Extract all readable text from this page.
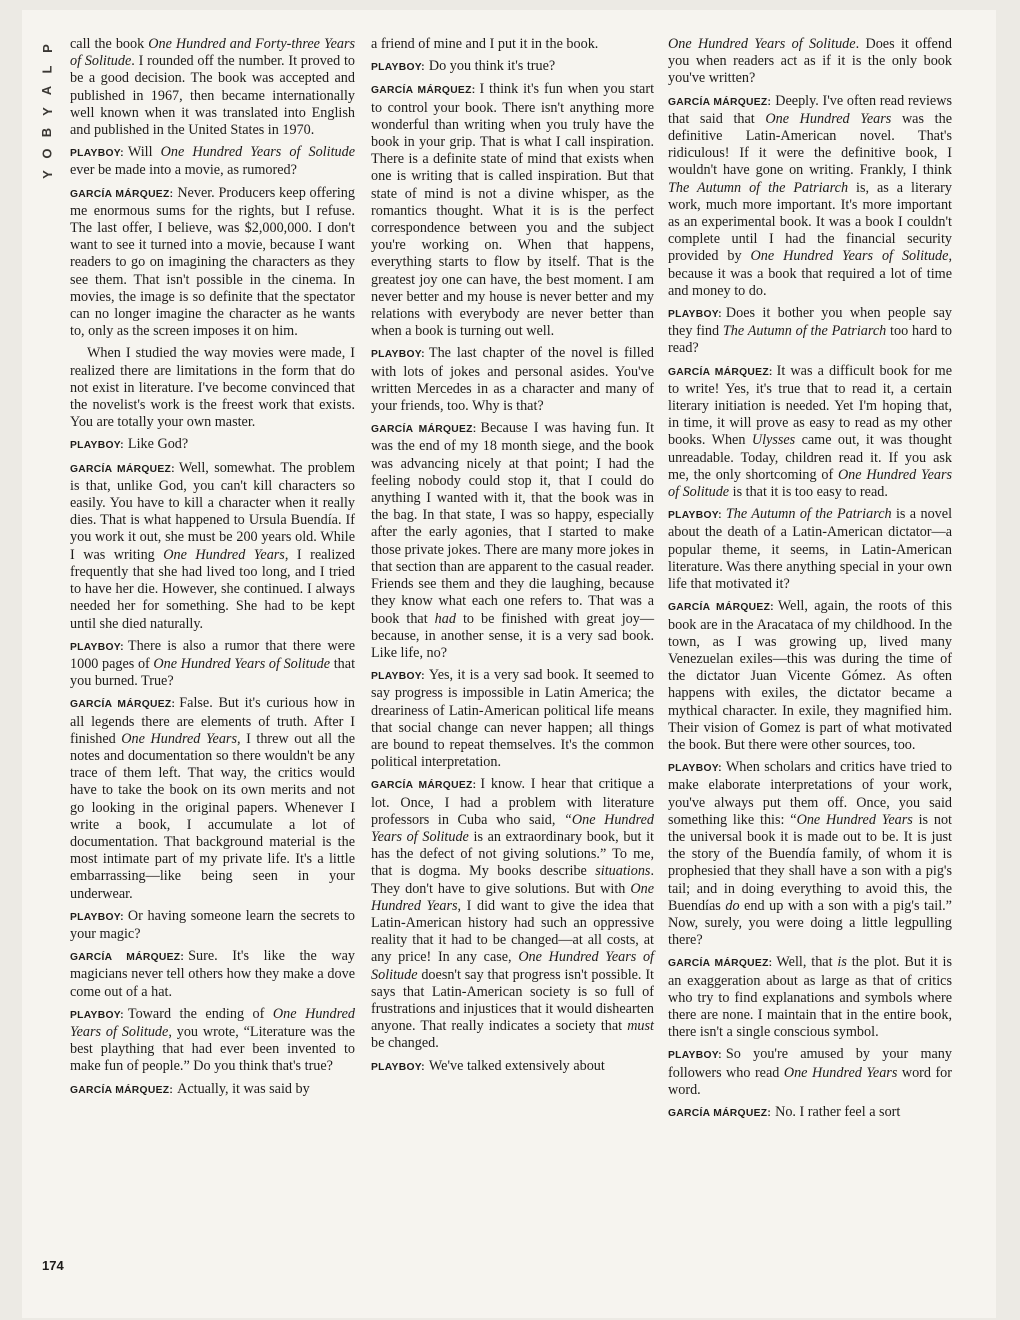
P
L
A
Y
B
O
Y

call the book One Hundred and Forty-three Years of Solitude. I rounded off the number. It proved to be a good decision. The book was accepted and published in 1967, then became internationally well known when it was translated into English and published in the United States in 1970.

PLAYBOY: Will One Hundred Years of Solitude ever be made into a movie, as rumored?

GARCÍA MÁRQUEZ: Never. Producers keep offering me enormous sums for the rights, but I refuse. The last offer, I believe, was $2,000,000. I don't want to see it turned into a movie, because I want readers to go on imagining the characters as they see them. That isn't possible in the cinema. In movies, the image is so definite that the spectator can no longer imagine the character as he wants to, only as the screen imposes it on him.

When I studied the way movies were made, I realized there are limitations in the form that do not exist in literature. I've become convinced that the novelist's work is the freest work that exists. You are totally your own master.

PLAYBOY: Like God?

GARCÍA MÁRQUEZ: Well, somewhat. The problem is that, unlike God, you can't kill characters so easily. You have to kill a character when it really dies. That is what happened to Ursula Buendía. If you work it out, she must be 200 years old. While I was writing One Hundred Years, I realized frequently that she had lived too long, and I tried to have her die. However, she continued. I always needed her for something. She had to be kept until she died naturally.

PLAYBOY: There is also a rumor that there were 1000 pages of One Hundred Years of Solitude that you burned. True?

GARCÍA MÁRQUEZ: False. But it's curious how in all legends there are elements of truth. After I finished One Hundred Years, I threw out all the notes and documentation so there wouldn't be any trace of them left. That way, the critics would have to take the book on its own merits and not go looking in the original papers. Whenever I write a book, I accumulate a lot of documentation. That background material is the most intimate part of my private life. It's a little embarrassing—like being seen in your underwear.

PLAYBOY: Or having someone learn the secrets to your magic?

GARCÍA MÁRQUEZ: Sure. It's like the way magicians never tell others how they make a dove come out of a hat.

PLAYBOY: Toward the ending of One Hundred Years of Solitude, you wrote, “Literature was the best plaything that had ever been invented to make fun of people.” Do you think that's true?

GARCÍA MÁRQUEZ: Actually, it was said by

a friend of mine and I put it in the book.

PLAYBOY: Do you think it's true?

GARCÍA MÁRQUEZ: I think it's fun when you start to control your book. There isn't anything more wonderful than writing when you truly have the book in your grip. That is what I call inspiration. There is a definite state of mind that exists when one is writing that is called inspiration. But that state of mind is not a divine whisper, as the romantics thought. What it is is the perfect correspondence between you and the subject you're working on. When that happens, everything starts to flow by itself. That is the greatest joy one can have, the best moment. I am never better and my house is never better and my relations with everybody are never better than when a book is turning out well.

PLAYBOY: The last chapter of the novel is filled with lots of jokes and personal asides. You've written Mercedes in as a character and many of your friends, too. Why is that?

GARCÍA MÁRQUEZ: Because I was having fun. It was the end of my 18 month siege, and the book was advancing nicely at that point; I had the feeling nobody could stop it, that I could do anything I wanted with it, that the book was in the bag. In that state, I was so happy, especially after the early agonies, that I started to make those private jokes. There are many more jokes in that section than are apparent to the casual reader. Friends see them and they die laughing, because they know what each one refers to. That was a book that had to be finished with great joy—because, in another sense, it is a very sad book. Like life, no?

PLAYBOY: Yes, it is a very sad book. It seemed to say progress is impossible in Latin America; the dreariness of Latin-American political life means that social change can never happen; all things are bound to repeat themselves. It's the common political interpretation.

GARCÍA MÁRQUEZ: I know. I hear that critique a lot. Once, I had a problem with literature professors in Cuba who said, “One Hundred Years of Solitude is an extraordinary book, but it has the defect of not giving solutions.” To me, that is dogma. My books describe situations. They don't have to give solutions. But with One Hundred Years, I did want to give the idea that Latin-American history had such an oppressive reality that it had to be changed—at all costs, at any price! In any case, One Hundred Years of Solitude doesn't say that progress isn't possible. It says that Latin-American society is so full of frustrations and injustices that it would dishearten anyone. That really indicates a society that must be changed.

PLAYBOY: We've talked extensively about

One Hundred Years of Solitude. Does it offend you when readers act as if it is the only book you've written?

GARCÍA MÁRQUEZ: Deeply. I've often read reviews that said that One Hundred Years was the definitive Latin-American novel. That's ridiculous! If it were the definitive book, I wouldn't have gone on writing. Frankly, I think The Autumn of the Patriarch is, as a literary work, much more important. It's more important as an experimental book. It was a book I couldn't complete until I had the financial security provided by One Hundred Years of Solitude, because it was a book that required a lot of time and money to do.

PLAYBOY: Does it bother you when people say they find The Autumn of the Patriarch too hard to read?

GARCÍA MÁRQUEZ: It was a difficult book for me to write! Yes, it's true that to read it, a certain literary initiation is needed. Yet I'm hoping that, in time, it will prove as easy to read as my other books. When Ulysses came out, it was thought unreadable. Today, children read it. If you ask me, the only shortcoming of One Hundred Years of Solitude is that it is too easy to read.

PLAYBOY: The Autumn of the Patriarch is a novel about the death of a Latin-American dictator—a popular theme, it seems, in Latin-American literature. Was there anything special in your own life that motivated it?

GARCÍA MÁRQUEZ: Well, again, the roots of this book are in the Aracataca of my childhood. In the town, as I was growing up, lived many Venezuelan exiles—this was during the time of the dictator Juan Vicente Gómez. As often happens with exiles, the dictator became a mythical character. In exile, they magnified him. Their vision of Gomez is part of what motivated the book. But there were other sources, too.

PLAYBOY: When scholars and critics have tried to make elaborate interpretations of your work, you've always put them off. Once, you said something like this: “One Hundred Years is not the universal book it is made out to be. It is just the story of the Buendía family, of whom it is prophesied that they shall have a son with a pig's tail; and in doing everything to avoid this, the Buendías do end up with a son with a pig's tail.” Now, surely, you were doing a little legpulling there?

GARCÍA MÁRQUEZ: Well, that is the plot. But it is an exaggeration about as large as that of critics who try to find explanations and symbols where there are none. I maintain that in the entire book, there isn't a single conscious symbol.

PLAYBOY: So you're amused by your many followers who read One Hundred Years word for word.

GARCÍA MÁRQUEZ: No. I rather feel a sort

174
